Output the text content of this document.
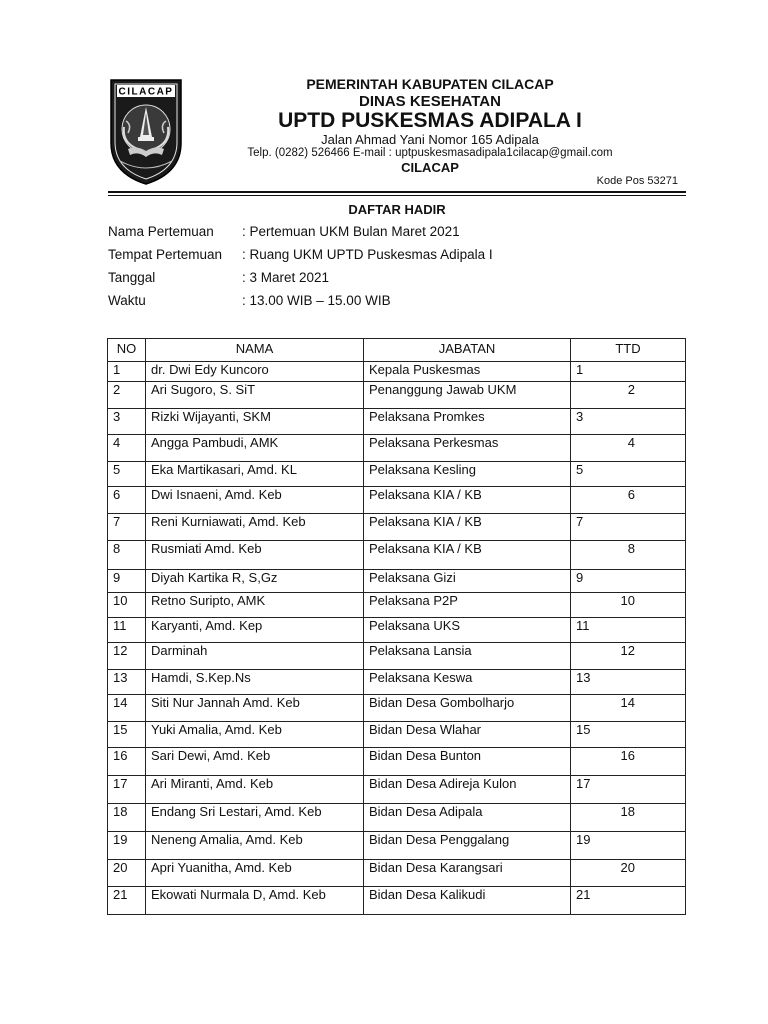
CILACAP	PEMERINTAH KABUPATEN CILACAP
DINAS KESEHATAN
UPTD PUSKESMAS ADIPALA I
Jalan Ahmad Yani Nomor 165 Adipala
Telp. (0282) 526466 E-mail : uptpuskesmasadipala1cilacap@gmail.com
CILACAP
Kode Pos 53271
DAFTAR HADIR
Nama Pertemuan : Pertemuan UKM Bulan Maret 2021
Tempat Pertemuan : Ruang UKM UPTD Puskesmas Adipala I
Tanggal	: 3 Maret 2021
Waktu	: 13.00 WIB – 15.00 WIB
NO	NAMA	JABATAN	TTD
1	dr. Dwi Edy Kuncoro	Kepala Puskesmas	1
2	Ari Sugoro, S. SiT	Penanggung Jawab UKM	2
3	Rizki Wijayanti, SKM	Pelaksana Promkes	3
4	Angga Pambudi, AMK	Pelaksana Perkesmas	4
5	Eka Martikasari, Amd. KL	Pelaksana Kesling	5
6	Dwi Isnaeni, Amd. Keb	Pelaksana KIA / KB	6
7	Reni Kurniawati, Amd. Keb	Pelaksana KIA / KB	7
8	Rusmiati Amd. Keb	Pelaksana KIA / KB	8
9	Diyah Kartika R, S,Gz	Pelaksana Gizi	9
10	Retno Suripto, AMK	Pelaksana P2P	10
11	Karyanti, Amd. Kep	Pelaksana UKS	11
12	Darminah	Pelaksana Lansia	12
13	Hamdi, S.Kep.Ns	Pelaksana Keswa	13
14	Siti Nur Jannah Amd. Keb	Bidan Desa Gombolharjo	14
15	Yuki Amalia, Amd. Keb	Bidan Desa Wlahar	15
16	Sari Dewi, Amd. Keb	Bidan Desa Bunton	16
17	Ari Miranti, Amd. Keb	Bidan Desa Adireja Kulon	17
18	Endang Sri Lestari, Amd. Keb	Bidan Desa Adipala	18
19	Neneng Amalia, Amd. Keb	Bidan Desa Penggalang	19
20	Apri Yuanitha, Amd. Keb	Bidan Desa Karangsari	20
21	Ekowati Nurmala D, Amd. Keb	Bidan Desa Kalikudi	21
